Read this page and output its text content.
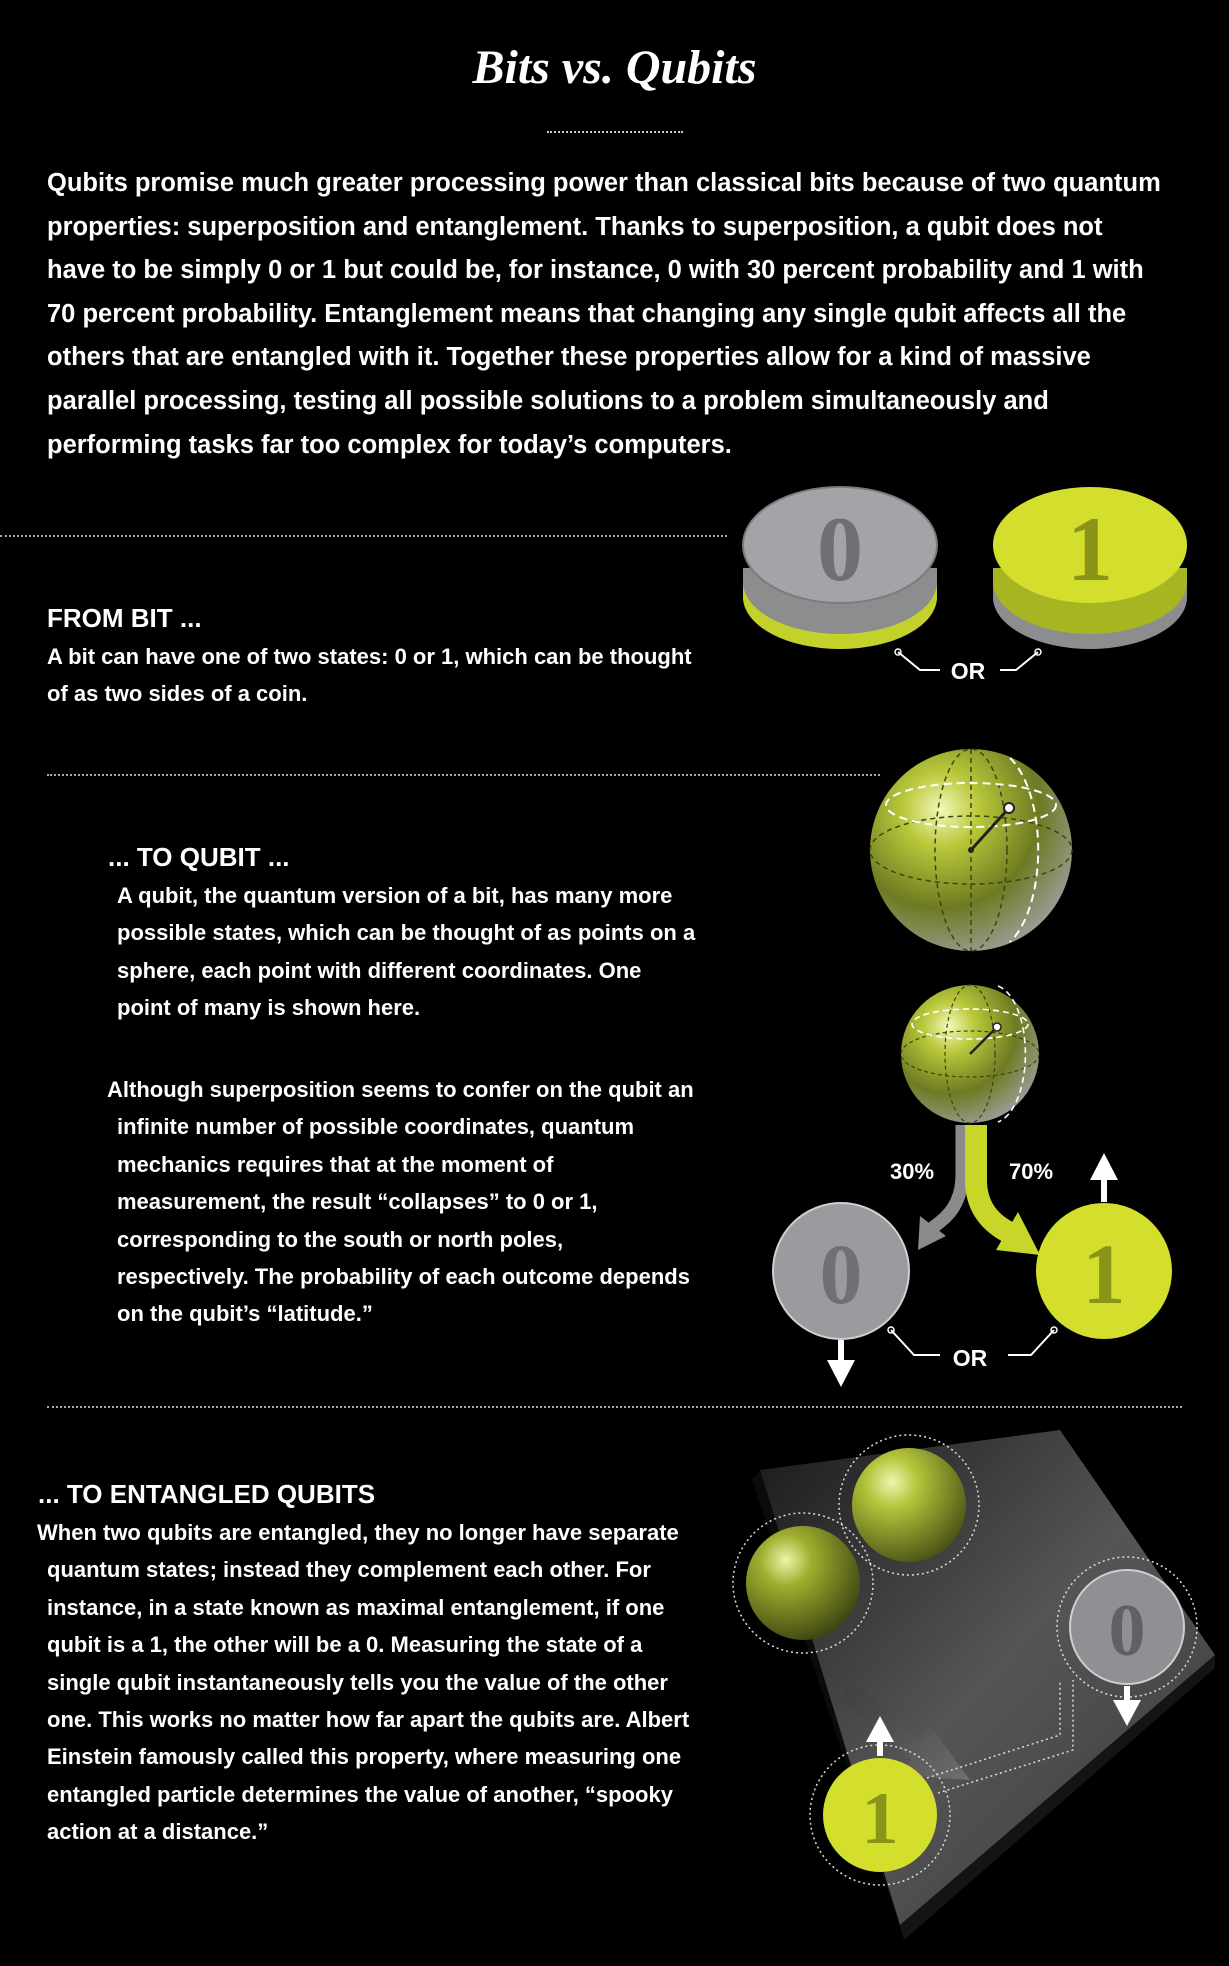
Bits vs. Qubits
Qubits promise much greater processing power than classical bits because of two quantum properties: superposition and entanglement. Thanks to superposition, a qubit does not have to be simply 0 or 1 but could be, for instance, 0 with 30 percent probability and 1 with 70 percent probability. Entanglement means that changing any single qubit affects all the others that are entangled with it. Together these properties allow for a kind of massive parallel processing, testing all possible solutions to a problem simultaneously and performing tasks far too complex for today’s computers.
FROM BIT ...
A bit can have one of two states: 0 or 1, which can be thought of as two sides of a coin.
... TO QUBIT ...
A qubit, the quantum version of a bit, has many more possible states, which can be thought of as points on a sphere, each point with different coordinates. One point of many is shown here.
Although superposition seems to confer on the qubit an infinite number of possible coordinates, quantum mechanics requires that at the moment of measurement, the result “collapses” to 0 or 1, corresponding to the south or north poles, respectively. The probability of each outcome depends on the qubit’s “latitude.”
... TO ENTANGLED QUBITS
When two qubits are entangled, they no longer have separate quantum states; instead they complement each other. For instance, in a state known as maximal entanglement, if one qubit is a 1, the other will be a 0. Measuring the state of a single qubit instantaneously tells you the value of the other one. This works no matter how far apart the qubits are. Albert Einstein famously called this property, where measuring one entangled particle determines the value of another, “spooky action at a distance.”
0 1
OR
30%	70%
0	1
OR
0
1
